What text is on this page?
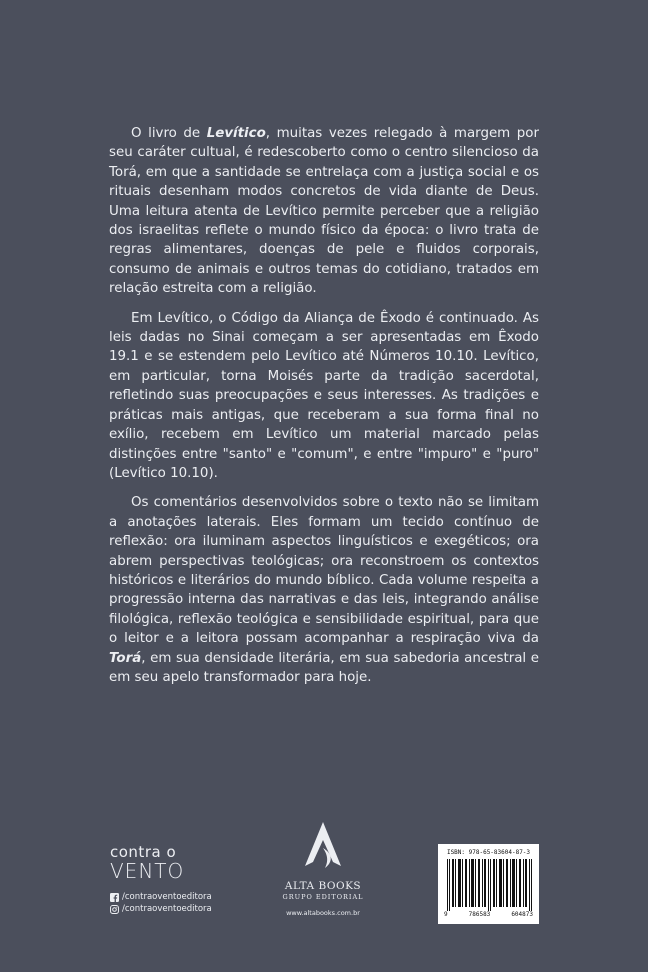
O livro de Levítico, muitas vezes relegado à margem por seu caráter cultual, é redescoberto como o centro silencioso da Torá, em que a santidade se entrelaça com a justiça social e os rituais desenham modos concretos de vida diante de Deus. Uma leitura atenta de Levítico permite perceber que a religião dos israelitas reflete o mundo físico da época: o livro trata de regras alimentares, doenças de pele e fluidos corporais, consumo de animais e outros temas do cotidiano, tratados em relação estreita com a religião.

Em Levítico, o Código da Aliança de Êxodo é continuado. As leis dadas no Sinai começam a ser apresentadas em Êxodo 19.1 e se estendem pelo Levítico até Números 10.10. Levítico, em particular, torna Moisés parte da tradição sacerdotal, refletindo suas preocupações e seus interesses. As tradições e práticas mais antigas, que receberam a sua forma final no exílio, recebem em Levítico um material marcado pelas distinções entre "santo" e "comum", e entre "impuro" e "puro" (Levítico 10.10).

Os comentários desenvolvidos sobre o texto não se limitam a anotações laterais. Eles formam um tecido contínuo de reflexão: ora iluminam aspectos linguísticos e exegéticos; ora abrem perspectivas teológicas; ora reconstroem os contextos históricos e literários do mundo bíblico. Cada volume respeita a progressão interna das narrativas e das leis, integrando análise filológica, reflexão teológica e sensibilidade espiritual, para que o leitor e a leitora possam acompanhar a respiração viva da Torá, em sua densidade literária, em sua sabedoria ancestral e em seu apelo transformador para hoje.

contra o
VENTO
/contraoventoeditora
/contraoventoeditora
ALTA BOOKS
GRUPO EDITORIAL
www.altabooks.com.br
ISBN: 978-65-83604-87-3
9	786583	604873
